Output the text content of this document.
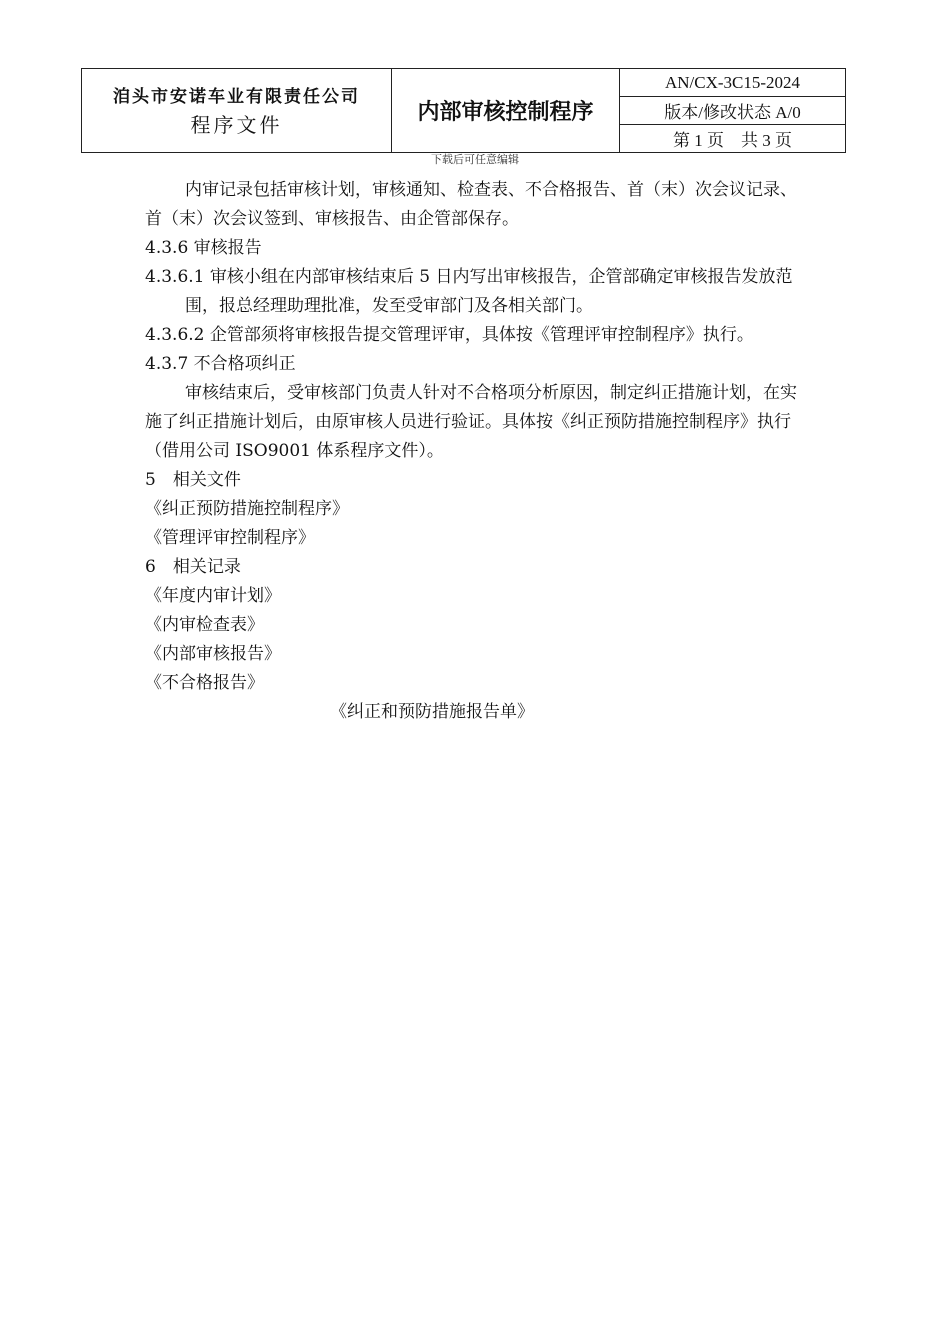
洎头市安诺车业有限责任公司
程序文件	内部审核控制程序	AN/CX-3C15-2024
版本/修改状态 A/0
第 1 页　共 3 页
下载后可任意编辑

内审记录包括审核计划，审核通知、检查表、不合格报告、首（末）次会议记录、首（末）次会议签到、审核报告、由企管部保存。

4.3.6 审核报告

4.3.6.1 审核小组在内部审核结束后 5 日内写出审核报告，企管部确定审核报告发放范围，报总经理助理批准，发至受审部门及各相关部门。

4.3.6.2 企管部须将审核报告提交管理评审，具体按《管理评审控制程序》执行。

4.3.7 不合格项纠正

审核结束后，受审核部门负责人针对不合格项分析原因，制定纠正措施计划，在实施了纠正措施计划后，由原审核人员进行验证。具体按《纠正预防措施控制程序》执行（借用公司 ISO9001 体系程序文件）。

5　相关文件

《纠正预防措施控制程序》

《管理评审控制程序》

6　相关记录

《年度内审计划》

《内审检查表》

《内部审核报告》

《不合格报告》

《纠正和预防措施报告单》
